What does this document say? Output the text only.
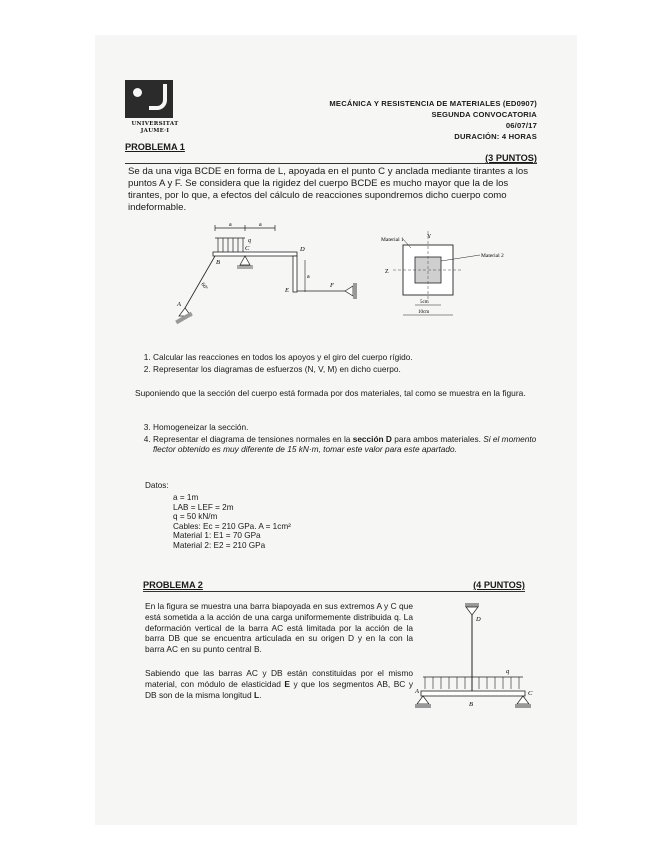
UNIVERSITAT
JAUME·I
MECÁNICA Y RESISTENCIA DE MATERIALES (ED0907)
SEGUNDA CONVOCATORIA
06/07/17
DURACIÓN: 4 HORAS
PROBLEMA 1
(3 PUNTOS)
Se da una viga BCDE en forma de L, apoyada en el punto C y anclada mediante tirantes a los puntos A y F. Se considera que la rigidez del cuerpo BCDE es mucho mayor que la de los tirantes, por lo que, a efectos del cálculo de reacciones supondremos dicho cuerpo como indeformable.
a	a
q
B
C	D
E
a
A
60º	F
Material 1	Y
Material 2
Z
5cm
10cm
1. Calcular las reacciones en todos los apoyos y el giro del cuerpo rígido.
2. Representar los diagramas de esfuerzos (N, V, M) en dicho cuerpo.
Suponiendo que la sección del cuerpo está formada por dos materiales, tal como se muestra en la figura.
3. Homogeneizar la sección.
4. Representar el diagrama de tensiones normales en la sección D para ambos materiales. Si el momento flector obtenido es muy diferente de 15 kN·m, tomar este valor para este apartado.
Datos:
a = 1m
LAB = LEF = 2m
q = 50 kN/m
Cables: Ec = 210 GPa. A = 1cm²
Material 1: E1 = 70 GPa
Material 2: E2 = 210 GPa
PROBLEMA 2	(4 PUNTOS)
En la figura se muestra una barra biapoyada en sus extremos A y C que está sometida a la acción de una carga uniformemente distribuida q. La deformación vertical de la barra AC está limitada por la acción de la barra DB que se encuentra articulada en su origen D y en la con la barra AC en su punto central B.
Sabiendo que las barras AC y DB están constituidas por el mismo material, con módulo de elasticidad E y que los segmentos AB, BC y DB son de la misma longitud L.
D
q
A
B
C
